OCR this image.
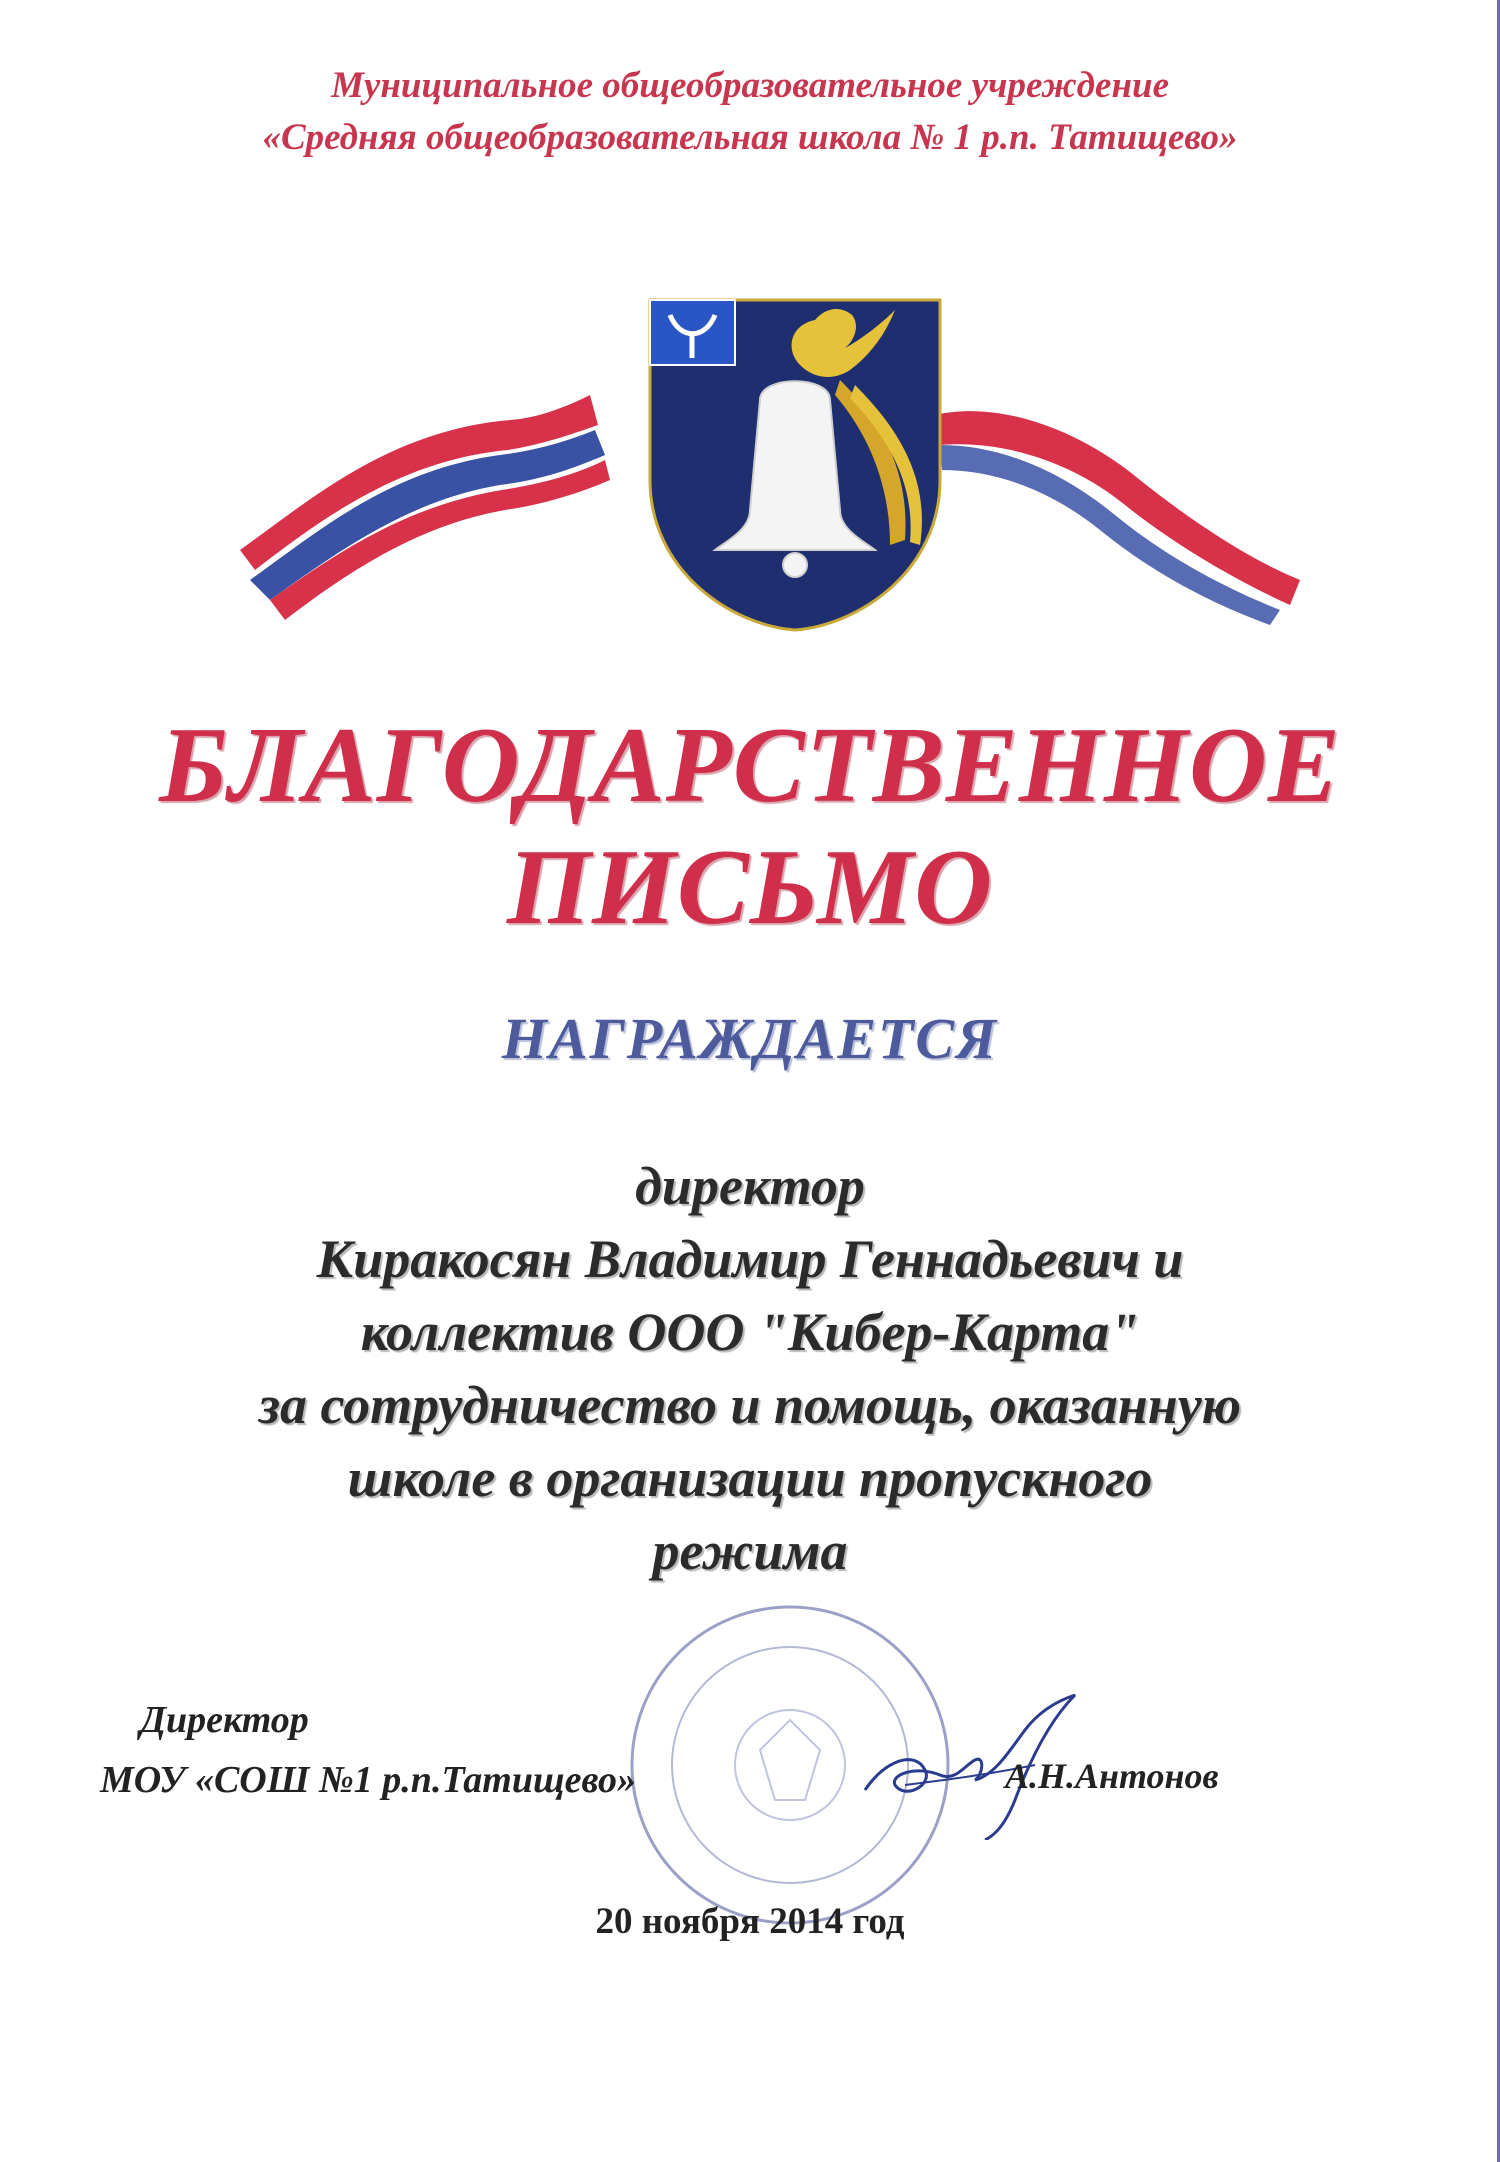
Муниципальное общеобразовательное учреждение
«Средняя общеобразовательная школа № 1 р.п. Татищево»
БЛАГОДАРСТВЕННОЕ
ПИСЬМО
НАГРАЖДАЕТСЯ
директор
Киракосян Владимир Геннадьевич и
коллектив ООО "Кибер-Карта"
за сотрудничество и помощь, оказанную
школе в организации пропускного
режима
Директор
МОУ «СОШ №1 р.п.Татищево»	А.Н.Антонов
20 ноября 2014 год
